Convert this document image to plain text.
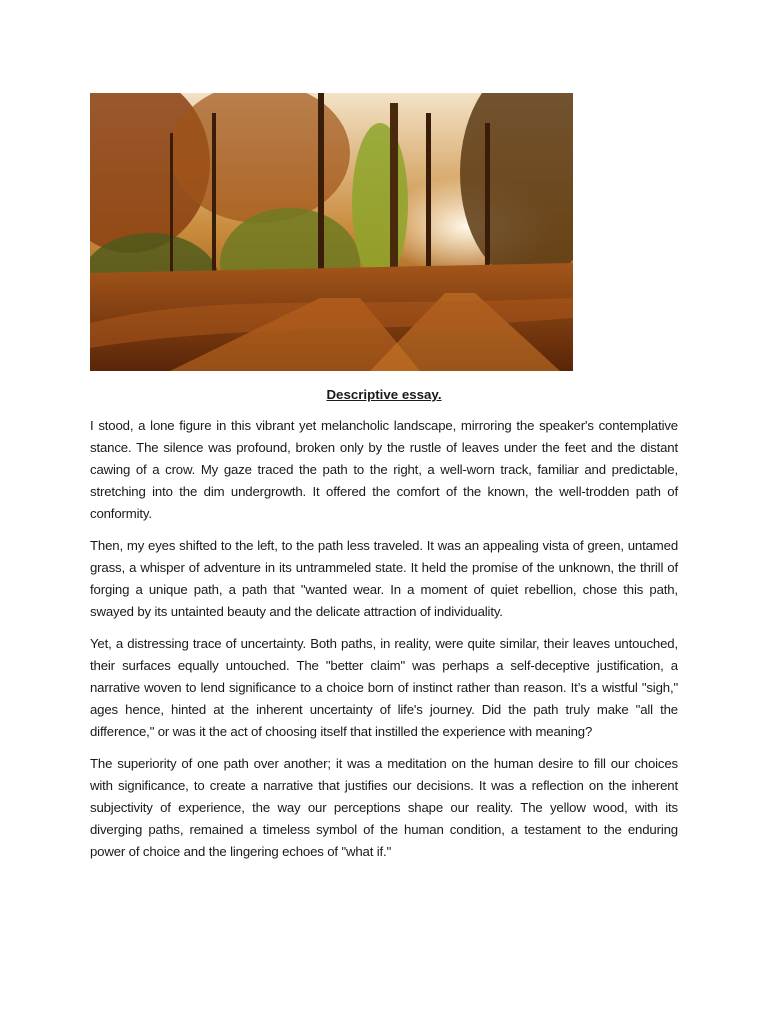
Descriptive essay.

I stood, a lone figure in this vibrant yet melancholic landscape, mirroring the speaker's contemplative stance. The silence was profound, broken only by the rustle of leaves under the feet and the distant cawing of a crow. My gaze traced the path to the right, a well-worn track, familiar and predictable, stretching into the dim undergrowth. It offered the comfort of the known, the well-trodden path of conformity.

Then, my eyes shifted to the left, to the path less traveled. It was an appealing vista of green, untamed grass, a whisper of adventure in its untrammeled state. It held the promise of the unknown, the thrill of forging a unique path, a path that "wanted wear. In a moment of quiet rebellion, chose this path, swayed by its untainted beauty and the delicate attraction of individuality.

Yet, a distressing trace of uncertainty. Both paths, in reality, were quite similar, their leaves untouched, their surfaces equally untouched. The "better claim" was perhaps a self-deceptive justification, a narrative woven to lend significance to a choice born of instinct rather than reason. It’s a wistful "sigh," ages hence, hinted at the inherent uncertainty of life's journey. Did the path truly make "all the difference," or was it the act of choosing itself that instilled the experience with meaning?

The superiority of one path over another; it was a meditation on the human desire to fill our choices with significance, to create a narrative that justifies our decisions. It was a reflection on the inherent subjectivity of experience, the way our perceptions shape our reality. The yellow wood, with its diverging paths, remained a timeless symbol of the human condition, a testament to the enduring power of choice and the lingering echoes of "what if."
